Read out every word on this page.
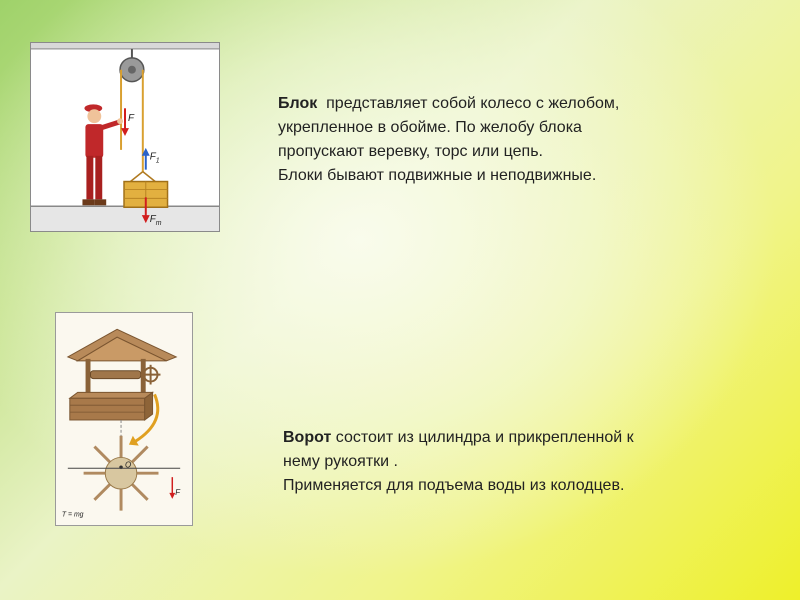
F
$F_1$
$F_т$
Блок  представляет собой колесо с желобом,
укрепленное в обойме. По желобу блока
пропускают веревку, торс или цепь.
Блоки бывают подвижные и неподвижные.
O
F
T = mg
Ворот состоит из цилиндра и прикрепленной к
нему рукоятки .
Применяется для подъема воды из колодцев.
